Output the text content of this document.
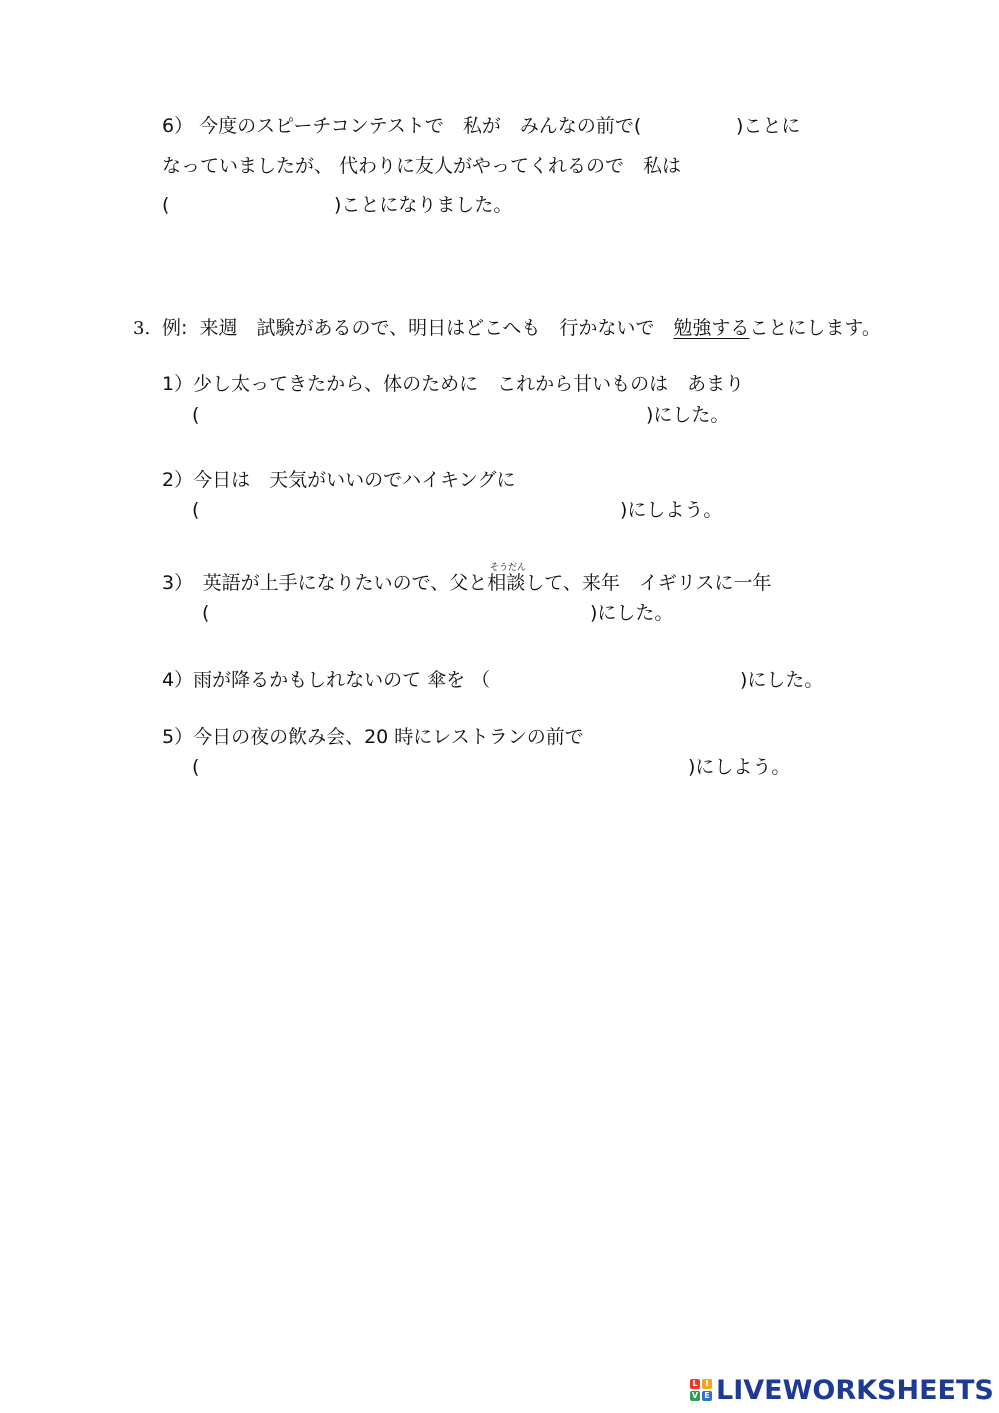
6） 今度のスピーチコンテストで　私が　みんなの前で(	)ことに
なっていましたが、 代わりに友人がやってくれるので　私は
(	)ことになりました。
3. 例:  来週　試験があるので、明日はどこへも　行かないで　勉強することにします。
1）少し太ってきたから、体のために　これから甘いものは　あまり
(	)にした。
2）今日は　天気がいいのでハイキングに
(	)にしよう。
そうだん
3）　英語が上手になりたいので、父と相談して、来年　イギリスに一年
(	)にした。
4）雨が降るかもしれないのて 傘を （	)にした。
5）今日の夜の飲み会、20 時にレストランの前で
(	)にしよう。
L I
V E LIVEWORKSHEETS
